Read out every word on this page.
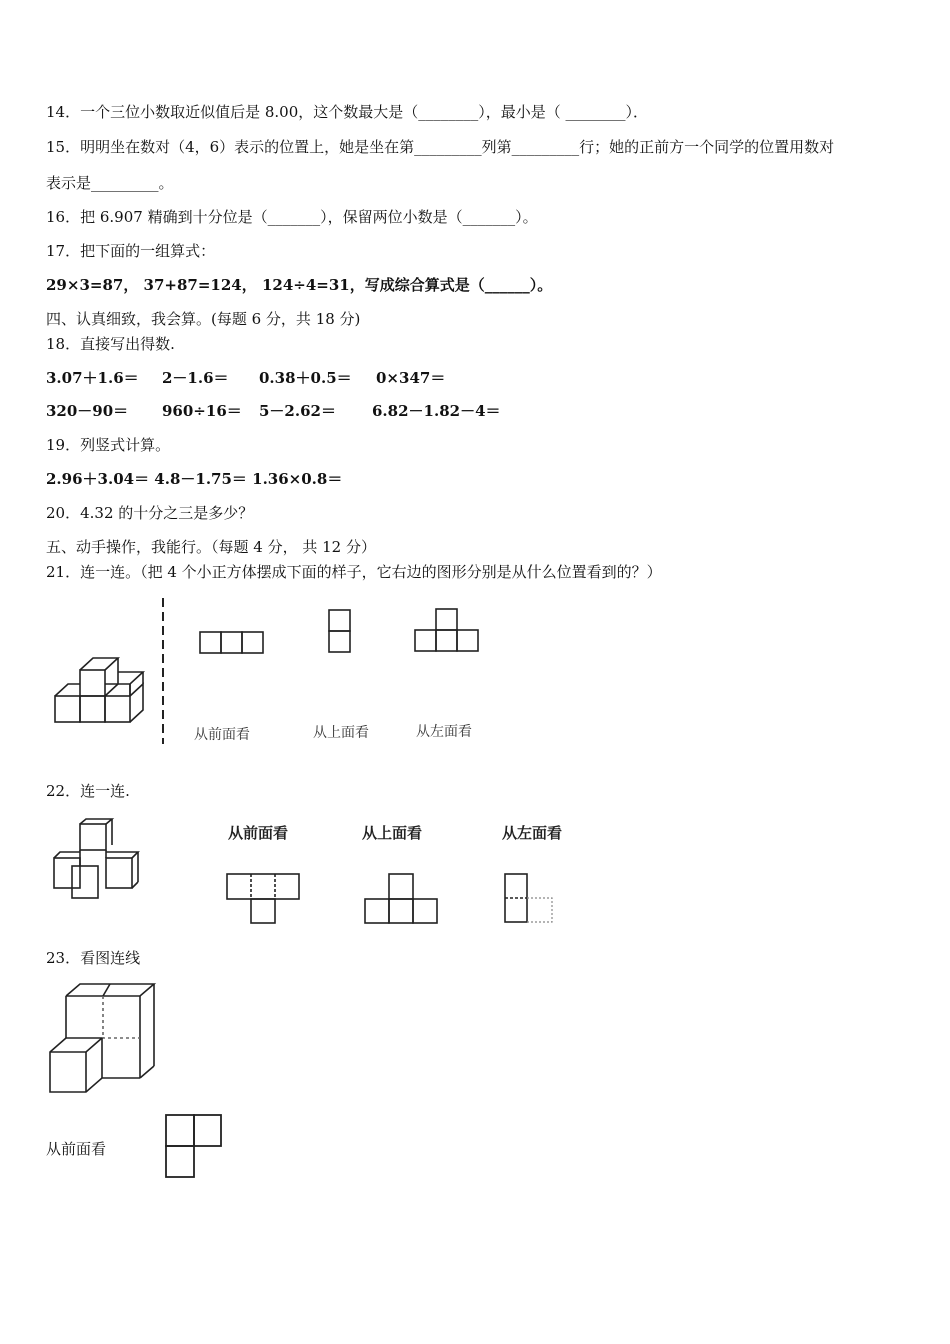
14．一个三位小数取近似值后是 8.00，这个数最大是（________），最小是（ ________）．
15．明明坐在数对（4，6）表示的位置上，她是坐在第_________列第_________行；她的正前方一个同学的位置用数对
表示是_________。
16．把 6.907 精确到十分位是（_______），保留两位小数是（_______）。
17．把下面的一组算式：
29×3=87， 37+87=124， 124÷4=31，写成综合算式是（______）。
四、认真细致，我会算。(每题 6 分，共 18 分)
18．直接写出得数.
3.07＋1.6＝ 2－1.6＝ 0.38＋0.5＝ 0×347＝
320－90＝ 960÷16＝ 5－2.62＝ 6.82－1.82－4＝
19．列竖式计算。
2.96＋3.04＝ 4.8－1.75＝ 1.36×0.8＝
20．4.32 的十分之三是多少？
五、动手操作，我能行。（每题 4 分， 共 12 分）
21．连一连。（把 4 个小正方体摆成下面的样子，它右边的图形分别是从什么位置看到的？）
从前面看	从上面看	从左面看
22．连一连.
从前面看	从上面看	从左面看
23．看图连线
从前面看
